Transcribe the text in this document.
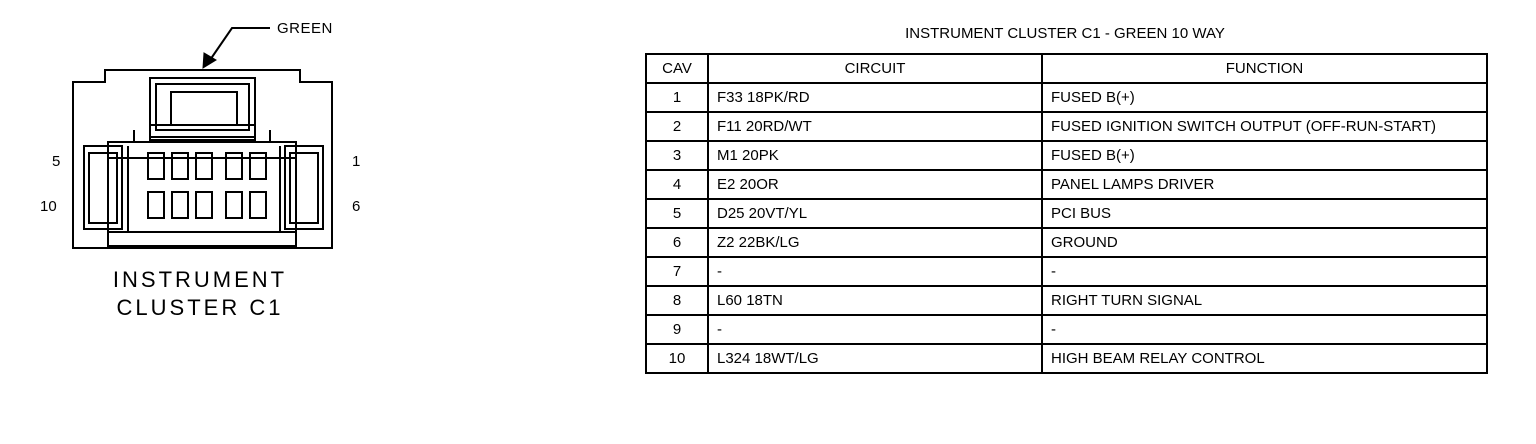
GREEN
5
10
1
6
INSTRUMENT
CLUSTER C1
INSTRUMENT CLUSTER C1 - GREEN 10 WAY
CAV	CIRCUIT	FUNCTION
1	F33 18PK/RD	FUSED B(+)
2	F11 20RD/WT	FUSED IGNITION SWITCH OUTPUT (OFF-RUN-START)
3	M1 20PK	FUSED B(+)
4	E2 20OR	PANEL LAMPS DRIVER
5	D25 20VT/YL	PCI BUS
6	Z2 22BK/LG	GROUND
7	-	-
8	L60 18TN	RIGHT TURN SIGNAL
9	-	-
10	L324 18WT/LG	HIGH BEAM RELAY CONTROL
